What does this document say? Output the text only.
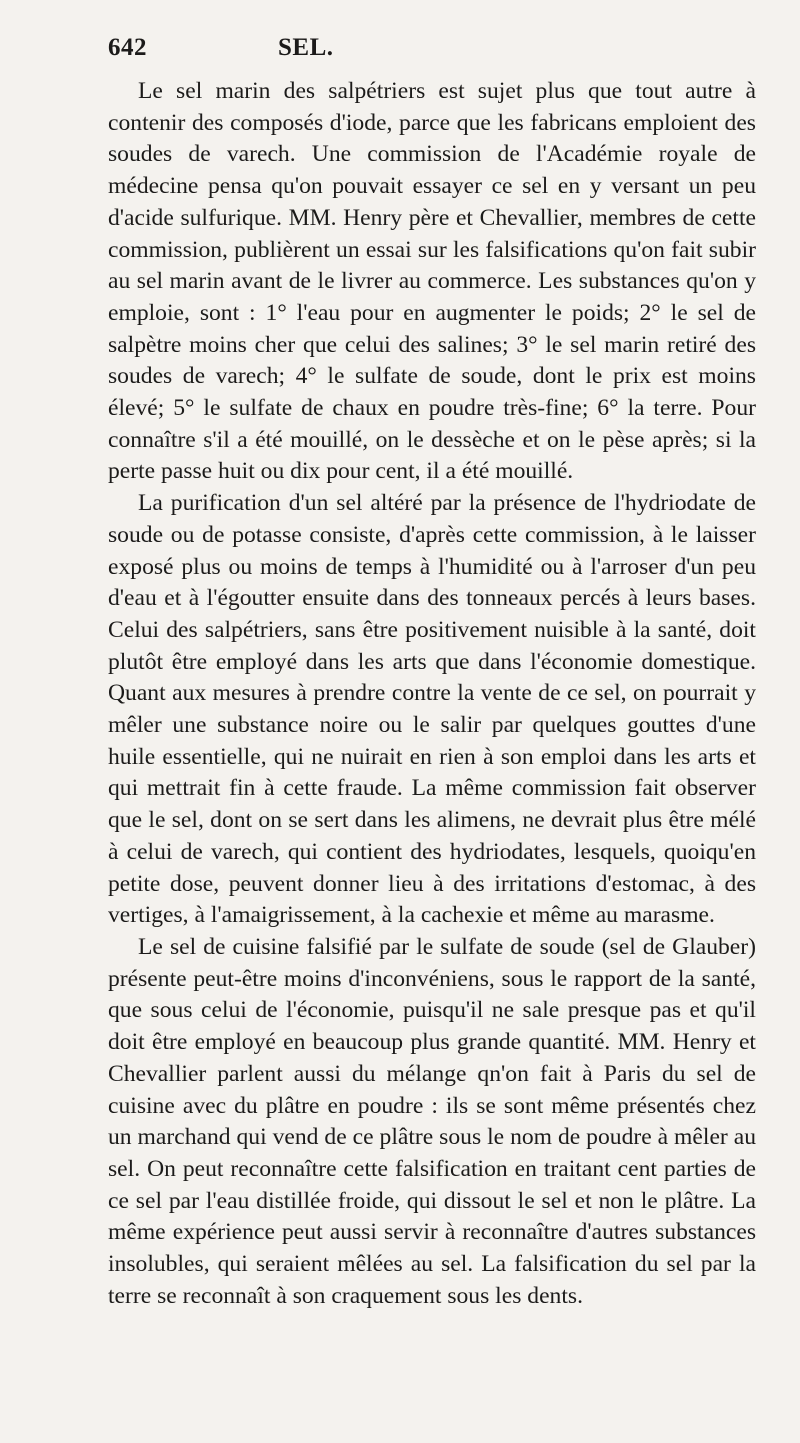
642	SEL.

Le sel marin des salpétriers est sujet plus que tout autre à contenir des composés d'iode, parce que les fabricans emploient des soudes de varech. Une commission de l'Académie royale de médecine pensa qu'on pouvait essayer ce sel en y versant un peu d'acide sulfurique. MM. Henry père et Chevallier, membres de cette commission, publièrent un essai sur les falsifications qu'on fait subir au sel marin avant de le livrer au commerce. Les substances qu'on y emploie, sont : 1° l'eau pour en augmenter le poids; 2° le sel de salpètre moins cher que celui des salines; 3° le sel marin retiré des soudes de varech; 4° le sulfate de soude, dont le prix est moins élevé; 5° le sulfate de chaux en poudre très-fine; 6° la terre. Pour connaître s'il a été mouillé, on le dessèche et on le pèse après; si la perte passe huit ou dix pour cent, il a été mouillé.

La purification d'un sel altéré par la présence de l'hydriodate de soude ou de potasse consiste, d'après cette commission, à le laisser exposé plus ou moins de temps à l'humidité ou à l'arroser d'un peu d'eau et à l'égoutter ensuite dans des tonneaux percés à leurs bases. Celui des salpétriers, sans être positivement nuisible à la santé, doit plutôt être employé dans les arts que dans l'économie domestique. Quant aux mesures à prendre contre la vente de ce sel, on pourrait y mêler une substance noire ou le salir par quelques gouttes d'une huile essentielle, qui ne nuirait en rien à son emploi dans les arts et qui mettrait fin à cette fraude. La même commission fait observer que le sel, dont on se sert dans les alimens, ne devrait plus être mélé à celui de varech, qui contient des hydriodates, lesquels, quoiqu'en petite dose, peuvent donner lieu à des irritations d'estomac, à des vertiges, à l'amaigrissement, à la cachexie et même au marasme.

Le sel de cuisine falsifié par le sulfate de soude (sel de Glauber) présente peut-être moins d'inconvéniens, sous le rapport de la santé, que sous celui de l'économie, puisqu'il ne sale presque pas et qu'il doit être employé en beaucoup plus grande quantité. MM. Henry et Chevallier parlent aussi du mélange qn'on fait à Paris du sel de cuisine avec du plâtre en poudre : ils se sont même présentés chez un marchand qui vend de ce plâtre sous le nom de poudre à mêler au sel. On peut reconnaître cette falsification en traitant cent parties de ce sel par l'eau distillée froide, qui dissout le sel et non le plâtre. La même expérience peut aussi servir à reconnaître d'autres substances insolubles, qui seraient mêlées au sel. La falsification du sel par la terre se reconnaît à son craquement sous les dents.
